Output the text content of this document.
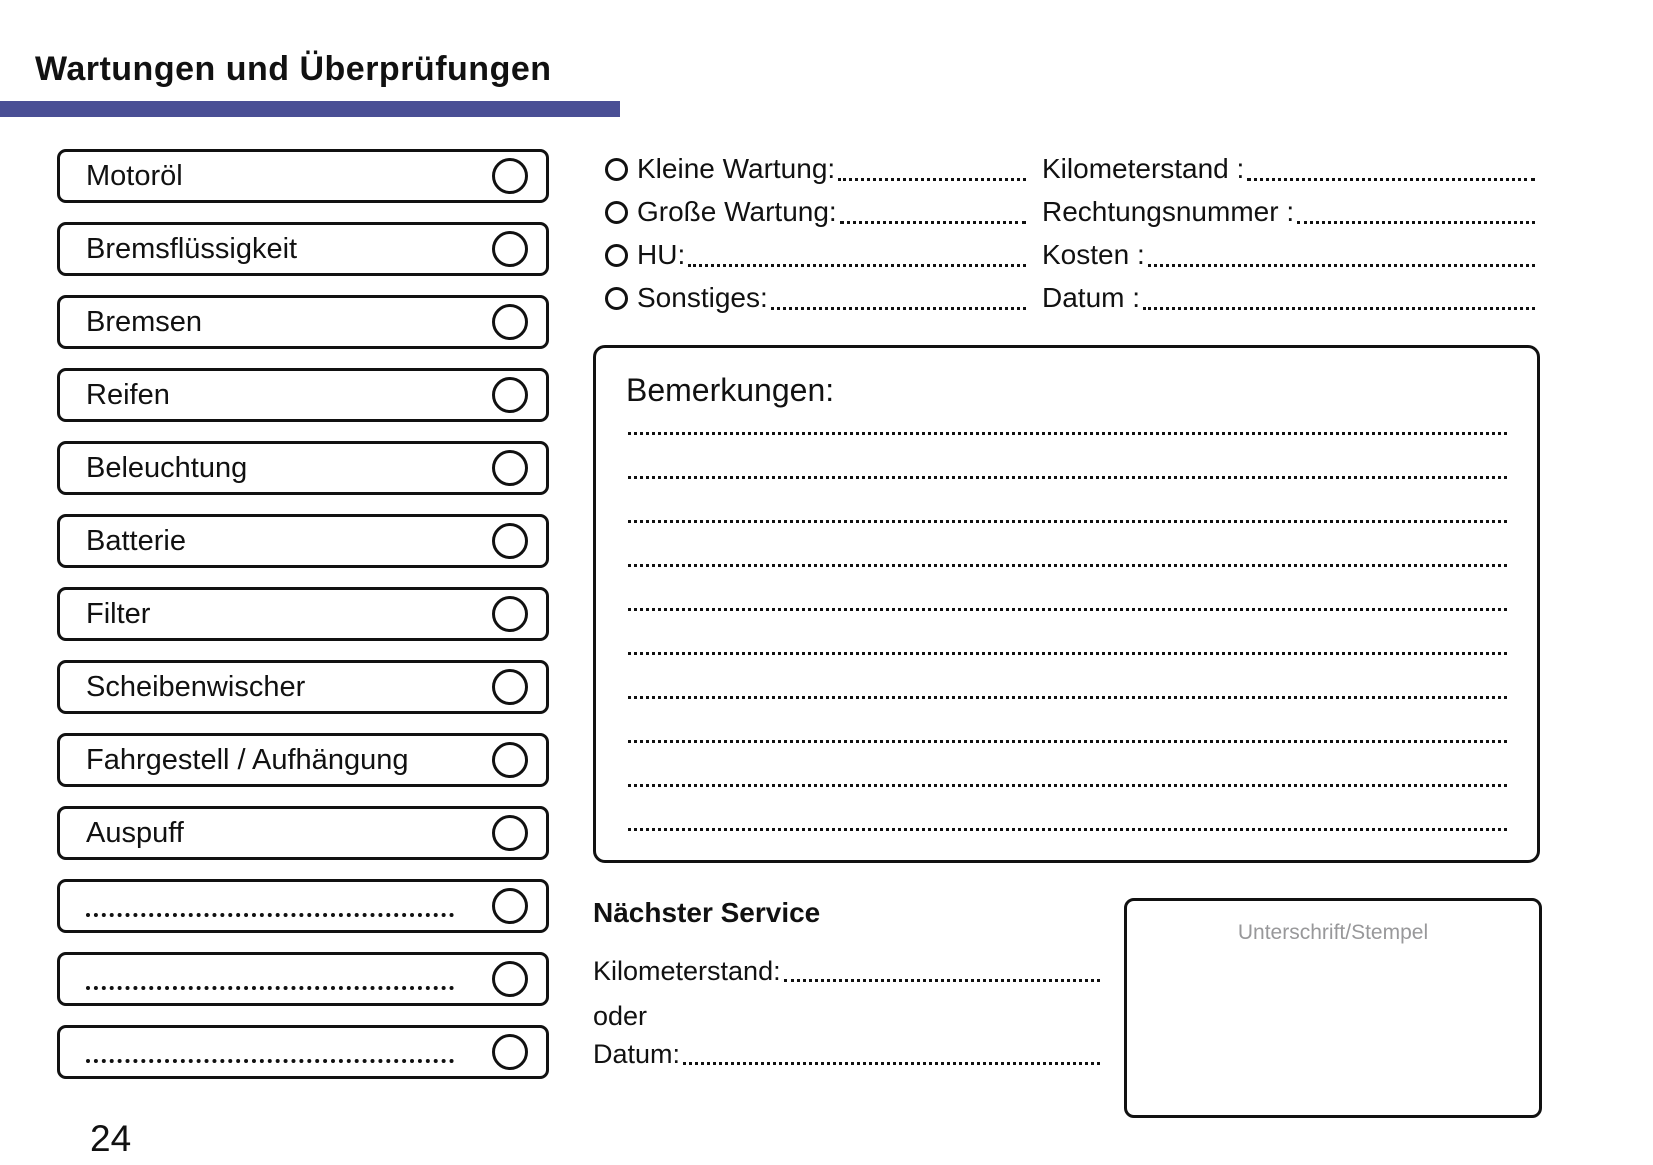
Wartungen und Überprüfungen
Motoröl
Bremsflüssigkeit
Bremsen
Reifen
Beleuchtung
Batterie
Filter
Scheibenwischer
Fahrgestell / Aufhängung
Auspuff
Kleine Wartung:
Große Wartung:
HU:
Sonstiges:
Kilometerstand :
Rechtungsnummer :
Kosten :
Datum :
Bemerkungen:
Nächster Service
Kilometerstand:
oder
Datum:
Unterschrift/Stempel
24
